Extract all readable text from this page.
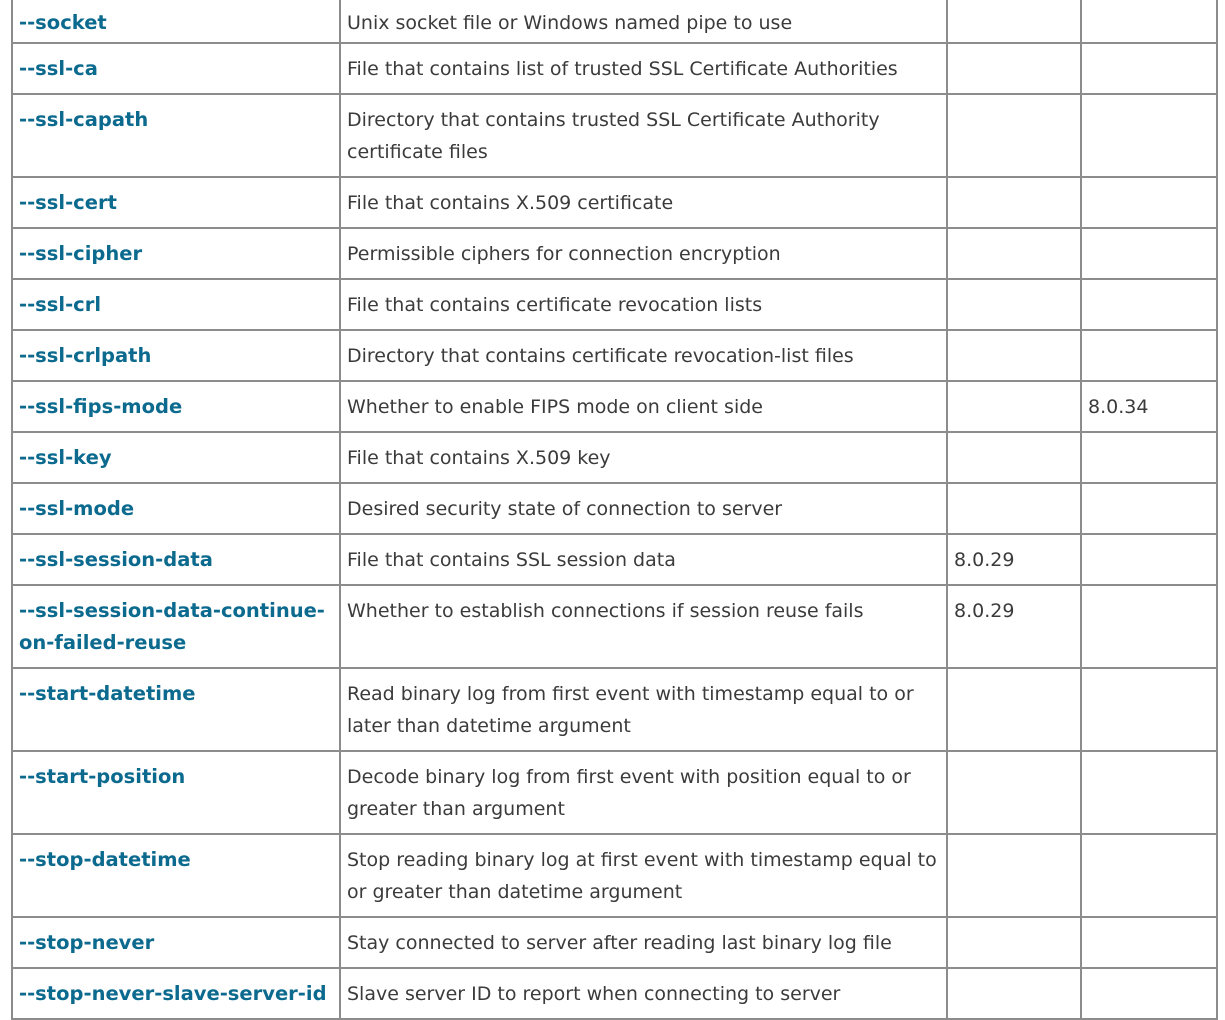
--socket	Unix socket file or Windows named pipe to use		
--ssl-ca	File that contains list of trusted SSL Certificate Authorities		
--ssl-capath	Directory that contains trusted SSL Certificate Authority certificate files		
--ssl-cert	File that contains X.509 certificate		
--ssl-cipher	Permissible ciphers for connection encryption		
--ssl-crl	File that contains certificate revocation lists		
--ssl-crlpath	Directory that contains certificate revocation-list files		
--ssl-fips-mode	Whether to enable FIPS mode on client side		8.0.34
--ssl-key	File that contains X.509 key		
--ssl-mode	Desired security state of connection to server		
--ssl-session-data	File that contains SSL session data	8.0.29	
--ssl-session-data-continue-on-failed-reuse	Whether to establish connections if session reuse fails	8.0.29	
--start-datetime	Read binary log from first event with timestamp equal to or later than datetime argument		
--start-position	Decode binary log from first event with position equal to or greater than argument		
--stop-datetime	Stop reading binary log at first event with timestamp equal to or greater than datetime argument		
--stop-never	Stay connected to server after reading last binary log file		
--stop-never-slave-server-id	Slave server ID to report when connecting to server		
